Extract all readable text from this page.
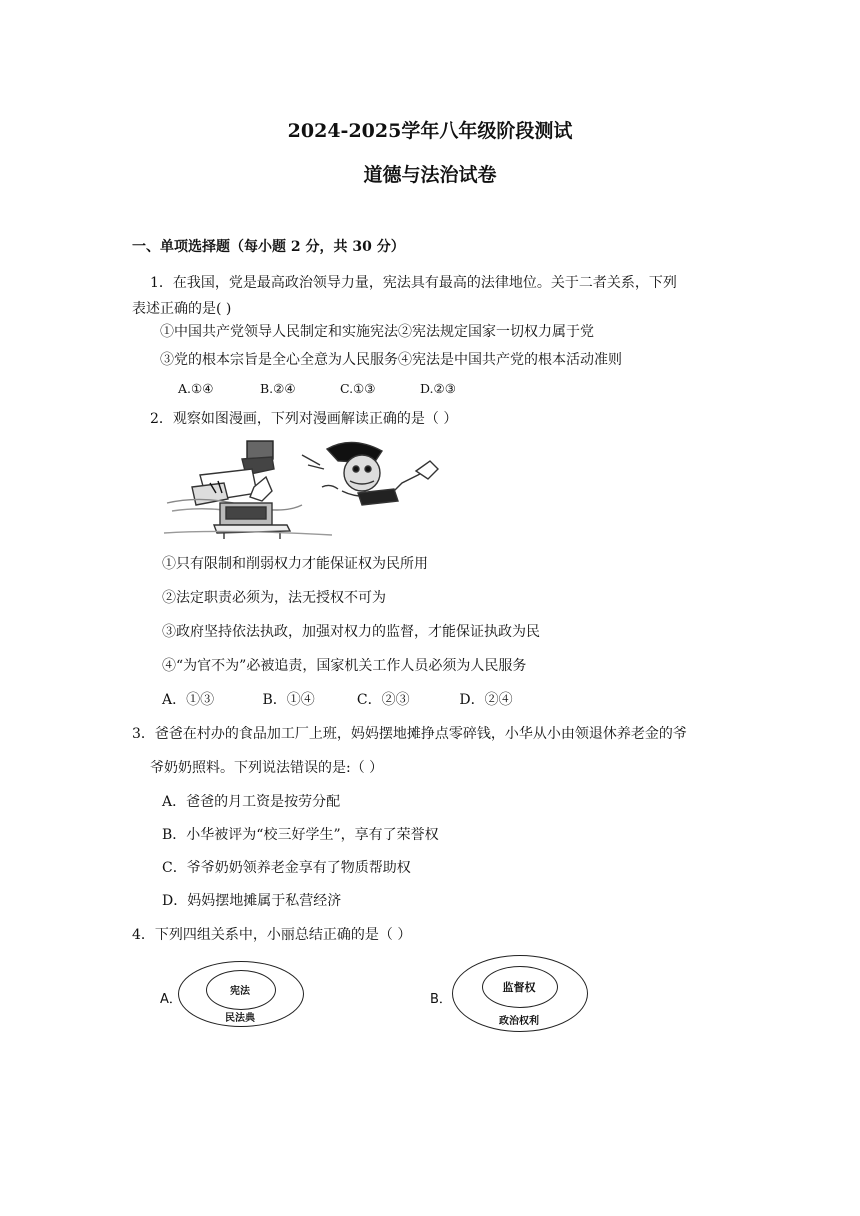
2024-2025学年八年级阶段测试
道德与法治试卷
一、单项选择题（每小题 2 分，共 30 分）
1．在我国，党是最高政治领导力量，宪法具有最高的法律地位。关于二者关系，下列
表述正确的是( )
①中国共产党领导人民制定和实施宪法②宪法规定国家一切权力属于党
③党的根本宗旨是全心全意为人民服务④宪法是中国共产党的根本活动准则
A.①④	B.②④	C.①③	D.②③
2．观察如图漫画，下列对漫画解读正确的是（ ）
①只有限制和削弱权力才能保证权为民所用
②法定职责必须为，法无授权不可为
③政府坚持依法执政，加强对权力的监督，才能保证执政为民
④“为官不为”必被追责，国家机关工作人员必须为人民服务
A．①③	B．①④	C．②③	D．②④
3．爸爸在村办的食品加工厂上班，妈妈摆地摊挣点零碎钱，小华从小由领退休养老金的爷
爷奶奶照料。下列说法错误的是:（ ）
A．爸爸的月工资是按劳分配
B．小华被评为“校三好学生”，享有了荣誉权
C．爷爷奶奶领养老金享有了物质帮助权
D．妈妈摆地摊属于私营经济
4．下列四组关系中，小丽总结正确的是（ ）
A．
宪法
民法典
B．
监督权
政治权利
